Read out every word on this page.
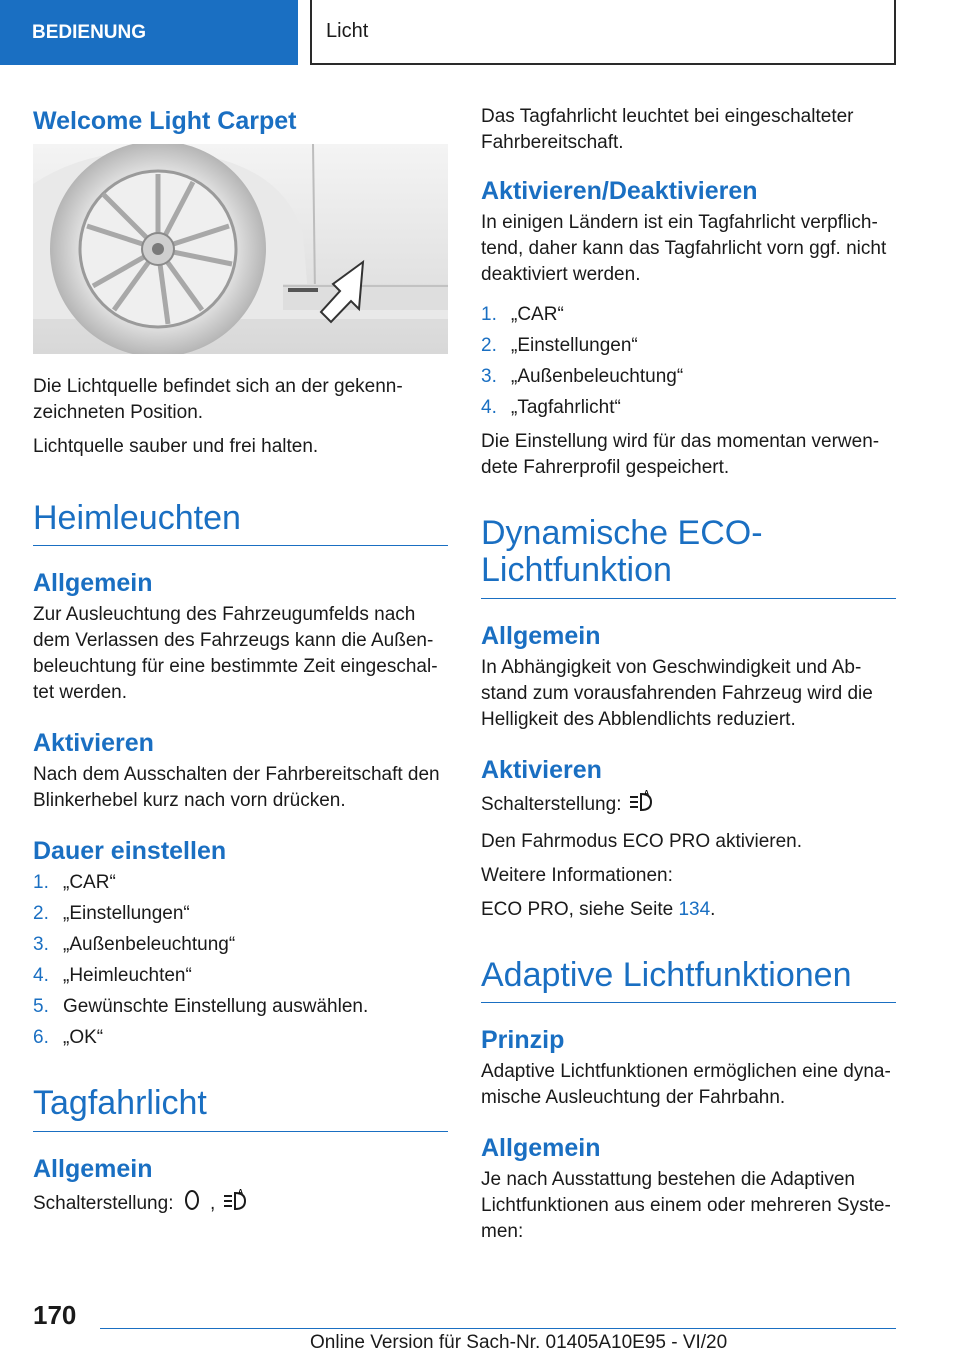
BEDIENUNG	Licht
Welcome Light Carpet

Die Lichtquelle befindet sich an der gekennzeichneten Position.

Lichtquelle sauber und frei halten.

Heimleuchten
Allgemein

Zur Ausleuchtung des Fahrzeugumfelds nach dem Verlassen des Fahrzeugs kann die Außenbeleuchtung für eine bestimmte Zeit eingeschaltet werden.

Aktivieren

Nach dem Ausschalten der Fahrbereitschaft den Blinkerhebel kurz nach vorn drücken.

Dauer einstellen
1. „CAR“
2. „Einstellungen“
3. „Außenbeleuchtung“
4. „Heimleuchten“
5. Gewünschte Einstellung auswählen.
6. „OK“
Tagfahrlicht
Allgemein

Schalterstellung: ,
A

Das Tagfahrlicht leuchtet bei eingeschalteter Fahrbereitschaft.

Aktivieren/Deaktivieren

In einigen Ländern ist ein Tagfahrlicht verpflichtend, daher kann das Tagfahrlicht vorn ggf. nicht deaktiviert werden.

1. „CAR“
2. „Einstellungen“
3. „Außenbeleuchtung“
4. „Tagfahrlicht“

Die Einstellung wird für das momentan verwendete Fahrerprofil gespeichert.

Dynamische ECO-
Lichtfunktion
Allgemein

In Abhängigkeit von Geschwindigkeit und Abstand zum vorausfahrenden Fahrzeug wird die Helligkeit des Abblendlichts reduziert.

Aktivieren

Schalterstellung:
A

Den Fahrmodus ECO PRO aktivieren.

Weitere Informationen:

ECO PRO, siehe Seite 134.

Adaptive Lichtfunktionen
Prinzip

Adaptive Lichtfunktionen ermöglichen eine dynamische Ausleuchtung der Fahrbahn.

Allgemein

Je nach Ausstattung bestehen die Adaptiven Lichtfunktionen aus einem oder mehreren Systemen:

170
Online Version für Sach-Nr. 01405A10E95 - VI/20
